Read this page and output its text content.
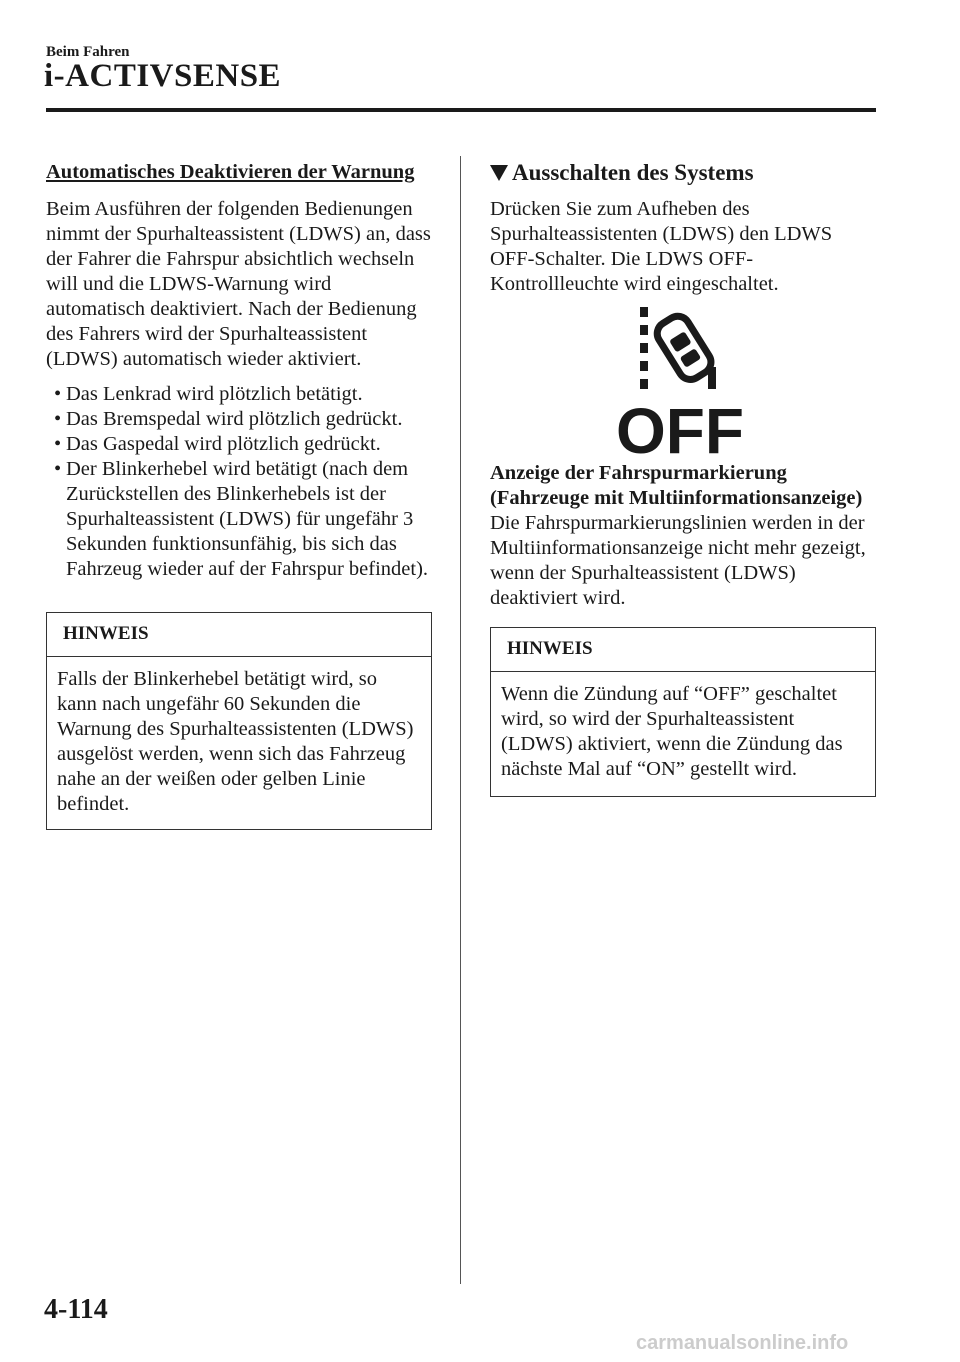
Beim Fahren
i-ACTIVSENSE

Automatisches Deaktivieren der Warnung

Beim Ausführen der folgenden Bedienungen nimmt der Spurhalteassistent (LDWS) an, dass der Fahrer die Fahrspur absichtlich wechseln will und die LDWS-Warnung wird automatisch deaktiviert. Nach der Bedienung des Fahrers wird der Spurhalteassistent (LDWS) automatisch wieder aktiviert.

• Das Lenkrad wird plötzlich betätigt.
• Das Bremspedal wird plötzlich gedrückt.
• Das Gaspedal wird plötzlich gedrückt.
• Der Blinkerhebel wird betätigt (nach dem Zurückstellen des Blinkerhebels ist der Spurhalteassistent (LDWS) für ungefähr 3 Sekunden funktionsunfähig, bis sich das Fahrzeug wieder auf der Fahrspur befindet).
HINWEIS
Falls der Blinkerhebel betätigt wird, so kann nach ungefähr 60 Sekunden die Warnung des Spurhalteassistenten (LDWS) ausgelöst werden, wenn sich das Fahrzeug nahe an der weißen oder gelben Linie befindet.
Ausschalten des Systems

Drücken Sie zum Aufheben des Spurhalteassistenten (LDWS) den LDWS OFF-Schalter. Die LDWS OFF-Kontrollleuchte wird eingeschaltet.

OFF

Anzeige der Fahrspurmarkierung (Fahrzeuge mit Multiinformationsanzeige)

Die Fahrspurmarkierungslinien werden in der Multiinformationsanzeige nicht mehr gezeigt, wenn der Spurhalteassistent (LDWS) deaktiviert wird.

HINWEIS
Wenn die Zündung auf “OFF” geschaltet wird, so wird der Spurhalteassistent (LDWS) aktiviert, wenn die Zündung das nächste Mal auf “ON” gestellt wird.
4-114
carmanualsonline.info
